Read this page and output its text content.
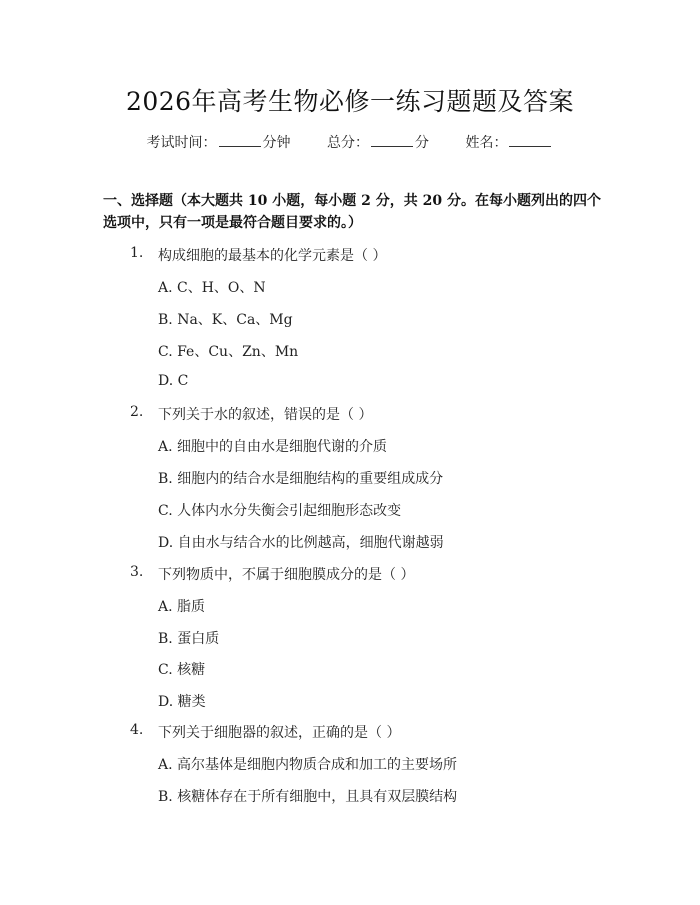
2026年高考生物必修一练习题题及答案
考试时间：	分钟	总分：	分	姓名：
一、选择题（本大题共 10 小题，每小题 2 分，共 20 分。在每小题列出的四个选项中，只有一项是最符合题目要求的。）
1. 构成细胞的最基本的化学元素是（ ）
A. C、H、O、N
B. Na、K、Ca、Mg
C. Fe、Cu、Zn、Mn
D. C
2. 下列关于水的叙述，错误的是（ ）
A. 细胞中的自由水是细胞代谢的介质
B. 细胞内的结合水是细胞结构的重要组成成分
C. 人体内水分失衡会引起细胞形态改变
D. 自由水与结合水的比例越高，细胞代谢越弱
3. 下列物质中，不属于细胞膜成分的是（ ）
A. 脂质
B. 蛋白质
C. 核糖
D. 糖类
4. 下列关于细胞器的叙述，正确的是（ ）
A. 高尔基体是细胞内物质合成和加工的主要场所
B. 核糖体存在于所有细胞中，且具有双层膜结构
